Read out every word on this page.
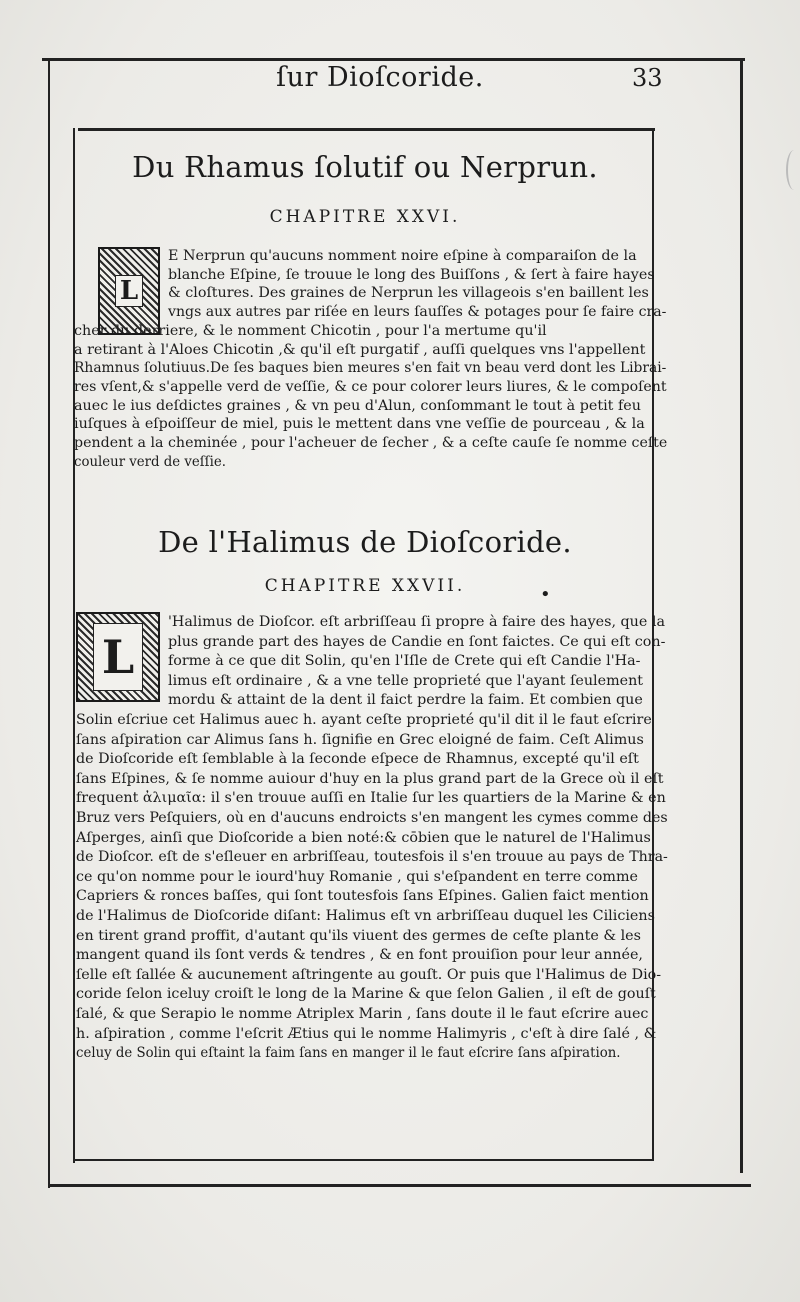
ſur Dioſcoride.	33
Du Rhamus ſolutif ou Nerprun.
CHAPITRE XXVI.
L
E Nerprun qu'aucuns nomment noire eſpine à comparaiſon de la
blanche Eſpine, ſe trouue le long des Buiſſons , & ſert à faire hayes
& cloſtures. Des graines de Nerprun les villageois s'en baillent les
vngs aux autres par riſée en leurs ſauſſes & potages pour ſe faire cra-
cher du derriere, & le nomment Chicotin , pour l'a mertume qu'il
a retirant à l'Aloes Chicotin ,& qu'il eſt purgatif , auſſi quelques vns l'appellent
Rhamnus ſolutiuus.De ſes baques bien meures s'en fait vn beau verd dont les Librai-
res vſent,& s'appelle verd de veſſie, & ce pour colorer leurs liures, & le compoſent
auec le ius deſdictes graines , & vn peu d'Alun, conſommant le tout à petit feu
iuſques à eſpoiſſeur de miel, puis le mettent dans vne veſſie de pourceau , & la
pendent a la cheminée , pour l'acheuer de ſecher , & a ceſte cauſe ſe nomme ceſte
couleur verd de veſſie.
De l'Halimus de Dioſcoride.
CHAPITRE XXVII.	•
L
'Halimus de Dioſcor. eſt arbriſſeau ſi propre à faire des hayes, que la
plus grande part des hayes de Candie en ſont faictes. Ce qui eſt con-
forme à ce que dit Solin, qu'en l'Iſle de Crete qui eſt Candie l'Ha-
limus eſt ordinaire , & a vne telle proprieté que l'ayant ſeulement
mordu & attaint de la dent il faict perdre la faim. Et combien que
Solin eſcriue cet Halimus auec h. ayant ceſte proprieté qu'il dit il le faut eſcrire
ſans aſpiration car Alimus ſans h. ſignifie en Grec eloigné de faim. Ceſt Alimus
de Dioſcoride eſt ſemblable à la ſeconde eſpece de Rhamnus, excepté qu'il eſt
ſans Eſpines, & ſe nomme auiour d'huy en la plus grand part de la Grece où il eſt
frequent ἀλιμαῖα: il s'en trouue auſſi en Italie ſur les quartiers de la Marine & en
Bruz vers Peſquiers, où en d'aucuns endroicts s'en mangent les cymes comme des
Aſperges, ainſi que Dioſcoride a bien noté:& cōbien que le naturel de l'Halimus
de Dioſcor. eſt de s'eſleuer en arbriſſeau, toutesfois il s'en trouue au pays de Thra-
ce qu'on nomme pour le iourd'huy Romanie , qui s'eſpandent en terre comme
Capriers & ronces baſſes, qui ſont toutesfois ſans Eſpines. Galien faict mention
de l'Halimus de Dioſcoride diſant: Halimus eſt vn arbriſſeau duquel les Ciliciens
en tirent grand proffit, d'autant qu'ils viuent des germes de ceſte plante & les
mangent quand ils ſont verds & tendres , & en font prouiſion pour leur année,
ſelle eſt ſallée & aucunement aſtringente au gouſt. Or puis que l'Halimus de Dio-
coride ſelon iceluy croiſt le long de la Marine & que ſelon Galien , il eſt de gouſt
ſalé, & que Serapio le nomme Atriplex Marin , ſans doute il le faut eſcrire auec
h. aſpiration , comme l'eſcrit Ætius qui le nomme Halimyris , c'eſt à dire ſalé , &
celuy de Solin qui eſtaint la faim ſans en manger il le faut eſcrire ſans aſpiration.
